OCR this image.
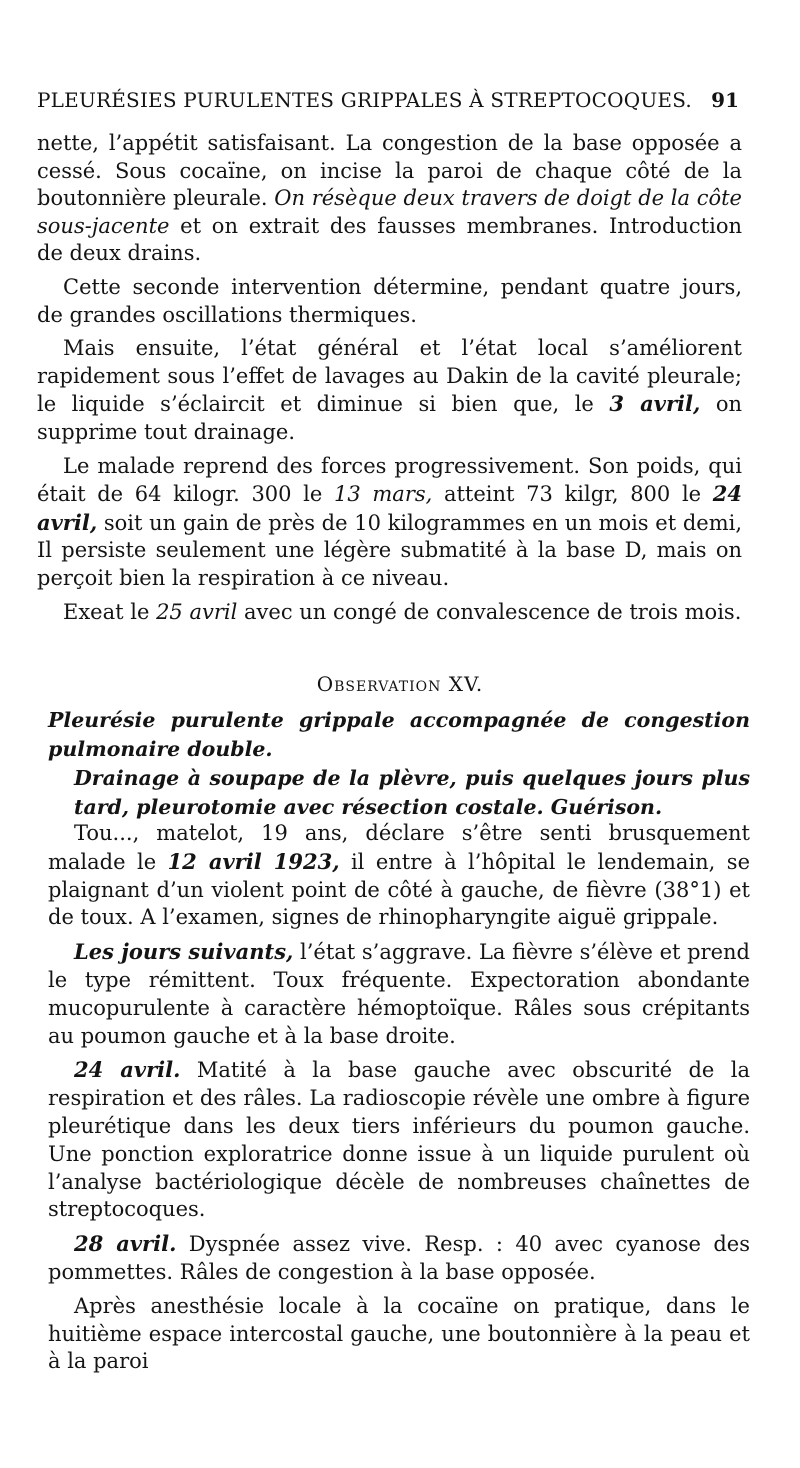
PLEURÉSIES PURULENTES GRIPPALES À STREPTOCOQUES. 91

nette, l’appétit satisfaisant. La congestion de la base opposée a cessé. Sous cocaïne, on incise la paroi de chaque côté de la boutonnière pleurale. On résèque deux travers de doigt de la côte sous-jacente et on extrait des fausses membranes. Introduction de deux drains.

Cette seconde intervention détermine, pendant quatre jours, de grandes oscillations thermiques.

Mais ensuite, l’état général et l’état local s’améliorent rapidement sous l’effet de lavages au Dakin de la cavité pleurale; le liquide s’éclaircit et diminue si bien que, le 3 avril, on supprime tout drainage.

Le malade reprend des forces progressivement. Son poids, qui était de 64 kilogr. 300 le 13 mars, atteint 73 kilgr, 800 le 24 avril, soit un gain de près de 10 kilogrammes en un mois et demi, Il persiste seulement une légère submatité à la base D, mais on perçoit bien la respiration à ce niveau.

Exeat le 25 avril avec un congé de convalescence de trois mois.

Observation XV.
Pleurésie purulente grippale accompagnée de congestion pulmonaire double.
Drainage à soupape de la plèvre, puis quelques jours plus tard, pleurotomie avec résection costale. Guérison.

Tou..., matelot, 19 ans, déclare s’être senti brusquement malade le 12 avril 1923, il entre à l’hôpital le lendemain, se plaignant d’un violent point de côté à gauche, de fièvre (38°1) et de toux. A l’examen, signes de rhinopharyngite aiguë grippale.

Les jours suivants, l’état s’aggrave. La fièvre s’élève et prend le type rémittent. Toux fréquente. Expectoration abondante mucopurulente à caractère hémoptoïque. Râles sous crépitants au poumon gauche et à la base droite.

24 avril. Matité à la base gauche avec obscurité de la respiration et des râles. La radioscopie révèle une ombre à figure pleurétique dans les deux tiers inférieurs du poumon gauche. Une ponction exploratrice donne issue à un liquide purulent où l’analyse bactériologique décèle de nombreuses chaînettes de streptocoques.

28 avril. Dyspnée assez vive. Resp. : 40 avec cyanose des pommettes. Râles de congestion à la base opposée.

Après anesthésie locale à la cocaïne on pratique, dans le huitième espace intercostal gauche, une boutonnière à la peau et à la paroi
